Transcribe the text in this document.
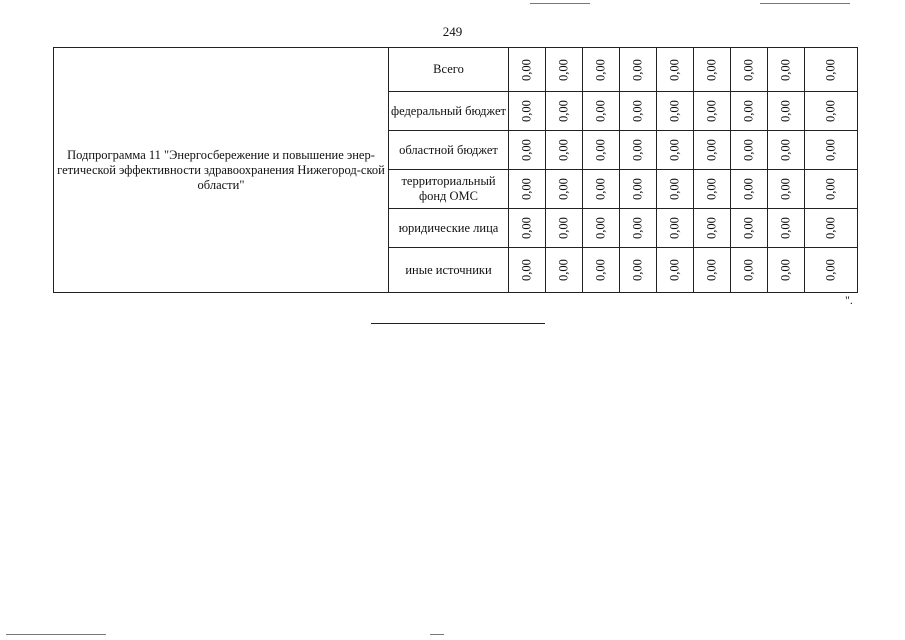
249
Подпрограмма 11 "Энергосбережение и повышение энер-гетической эффективности здравоохранения Нижегород-ской области"	Всего	0,00	0,00	0,00	0,00	0,00	0,00	0,00	0,00	0,00

	федеральный бюджет	0,00	0,00	0,00	0,00	0,00	0,00	0,00	0,00	0,00

	областной бюджет	0,00	0,00	0,00	0,00	0,00	0,00	0,00	0,00	0,00

	территориальный фонд ОМС	0,00	0,00	0,00	0,00	0,00	0,00	0,00	0,00	0,00

	юридические лица	0,00	0,00	0,00	0,00	0,00	0,00	0,00	0,00	0,00

	иные источники	0,00	0,00	0,00	0,00	0,00	0,00	0,00	0,00	0,00
".
